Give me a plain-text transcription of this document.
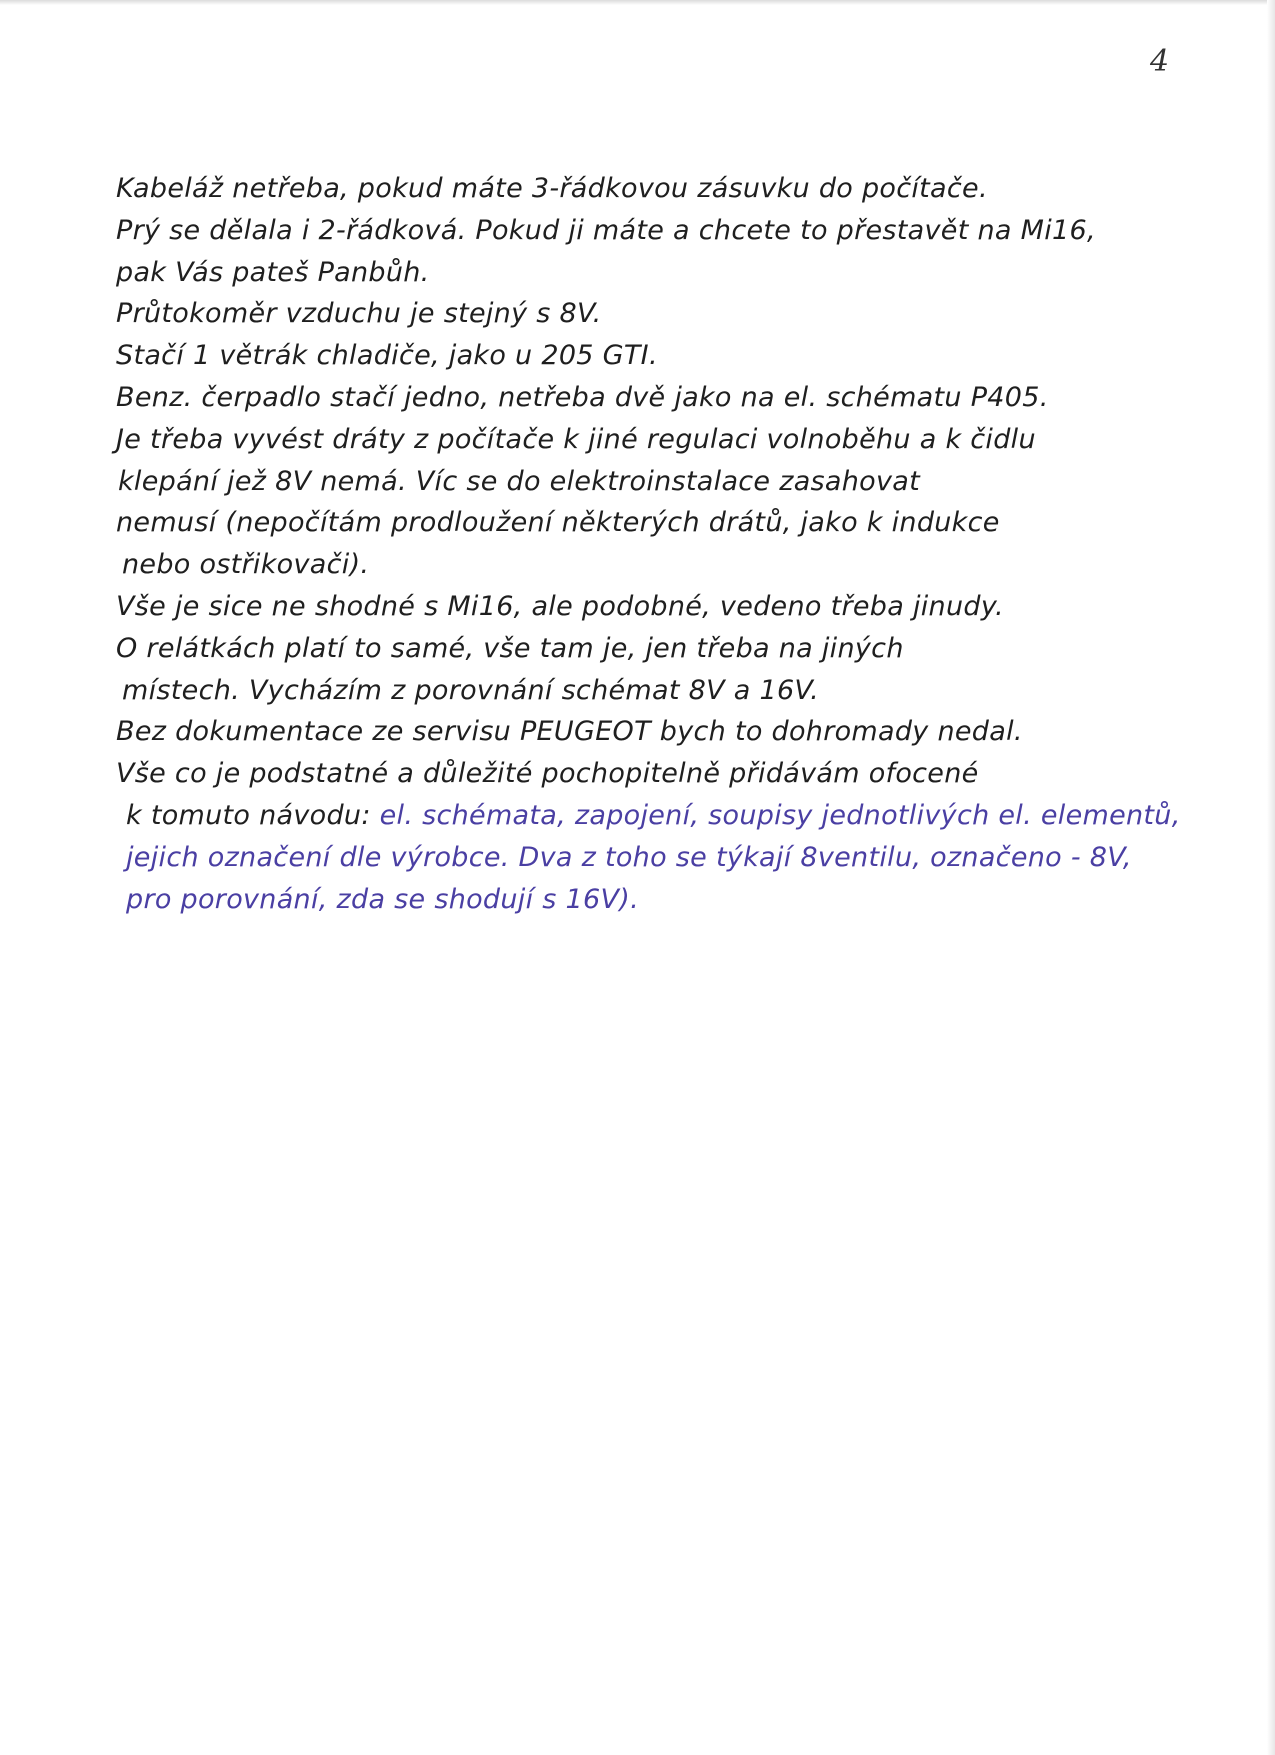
4
Kabeláž netřeba, pokud máte 3-řádkovou zásuvku do počítače.
Prý se dělala i 2-řádková. Pokud ji máte a chcete to přestavět na Mi16,
pak Vás pateš Panbůh.
Průtokoměr vzduchu je stejný s 8V.
Stačí 1 větrák chladiče, jako u 205 GTI.
Benz. čerpadlo stačí jedno, netřeba dvě jako na el. schématu P405.
Je třeba vyvést dráty z počítače k jiné regulaci volnoběhu a k čidlu
klepání jež 8V nemá. Víc se do elektroinstalace zasahovat
nemusí (nepočítám prodloužení některých drátů, jako k indukce
nebo ostřikovači).
Vše je sice ne shodné s Mi16, ale podobné, vedeno třeba jinudy.
O relátkách platí to samé, vše tam je, jen třeba na jiných
místech. Vycházím z porovnání schémat 8V a 16V.
Bez dokumentace ze servisu PEUGEOT bych to dohromady nedal.
Vše co je podstatné a důležité pochopitelně přidávám ofocené
k tomuto návodu: el. schémata, zapojení, soupisy jednotlivých el. elementů,
jejich označení dle výrobce. Dva z toho se týkají 8ventilu, označeno - 8V,
pro porovnání, zda se shodují s 16V).
